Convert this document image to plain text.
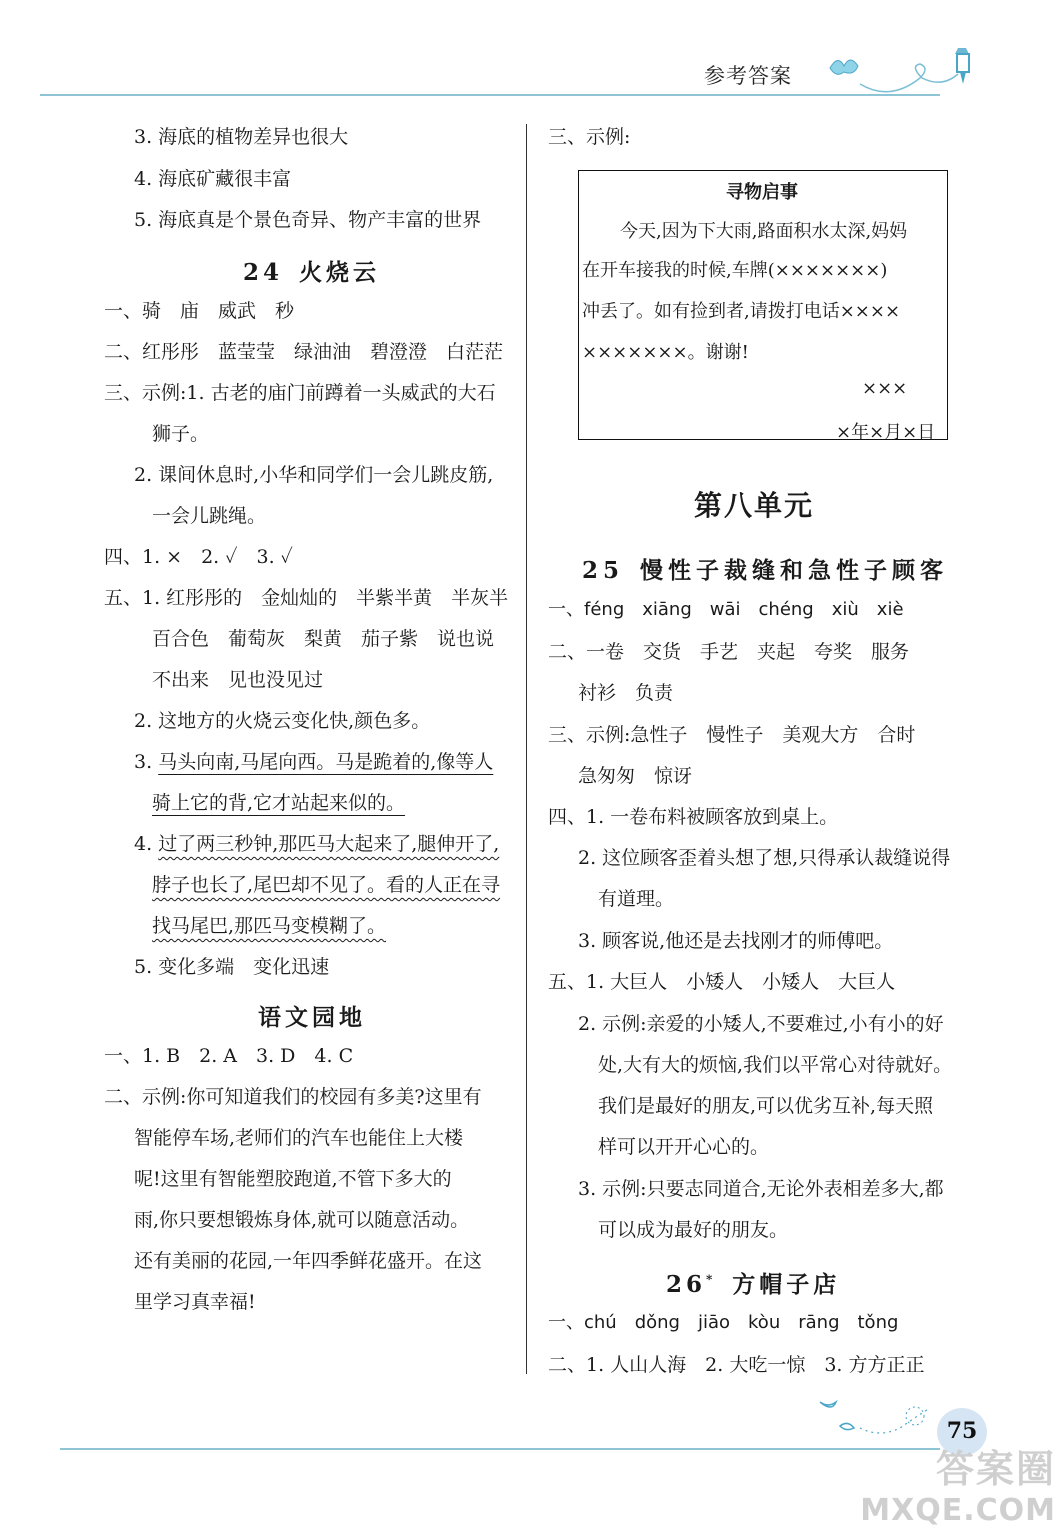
参考答案
3. 海底的植物差异也很大
4. 海底矿藏很丰富
5. 海底真是个景色奇异、物产丰富的世界
24 火烧云
一、骑　庙　威武　秒
二、红彤彤　蓝莹莹　绿油油　碧澄澄　白茫茫
三、示例:1. 古老的庙门前蹲着一头威武的大石
狮子。
2. 课间休息时,小华和同学们一会儿跳皮筋,
一会儿跳绳。
四、1. ×　2. ✓　3. ✓
五、1. 红彤彤的　金灿灿的　半紫半黄　半灰半
百合色　葡萄灰　梨黄　茄子紫　说也说
不出来　见也没见过
2. 这地方的火烧云变化快,颜色多。
3. 马头向南,马尾向西。马是跪着的,像等人
骑上它的背,它才站起来似的。
4. 过了两三秒钟,那匹马大起来了,腿伸开了,
脖子也长了,尾巴却不见了。看的人正在寻
找马尾巴,那匹马变模糊了。
5. 变化多端　变化迅速
语文园地
一、1. B　2. A　3. D　4. C
二、示例:你可知道我们的校园有多美?这里有
智能停车场,老师们的汽车也能住上大楼
呢!这里有智能塑胶跑道,不管下多大的
雨,你只要想锻炼身体,就可以随意活动。
还有美丽的花园,一年四季鲜花盛开。在这
里学习真幸福!
三、示例:
寻物启事
今天,因为下大雨,路面积水太深,妈妈
在开车接我的时候,车牌(×××××××)
冲丢了。如有捡到者,请拨打电话××××
×××××××。谢谢!
×××
×年×月×日
第八单元
25 慢性子裁缝和急性子顾客
一、féng　xiāng　wāi　chéng　xiù　xiè
二、一卷　交货　手艺　夹起　夸奖　服务
衬衫　负责
三、示例:急性子　慢性子　美观大方　合时
急匆匆　惊讶
四、1. 一卷布料被顾客放到桌上。
2. 这位顾客歪着头想了想,只得承认裁缝说得
有道理。
3. 顾客说,他还是去找刚才的师傅吧。
五、1. 大巨人　小矮人　小矮人　大巨人
2. 示例:亲爱的小矮人,不要难过,小有小的好
处,大有大的烦恼,我们以平常心对待就好。
我们是最好的朋友,可以优劣互补,每天照
样可以开开心心的。
3. 示例:只要志同道合,无论外表相差多大,都
可以成为最好的朋友。
26* 方帽子店
一、chú　dǒng　jiāo　kòu　rāng　tǒng
二、1. 人山人海　2. 大吃一惊　3. 方方正正
75
答案圈
MXQE.COM
